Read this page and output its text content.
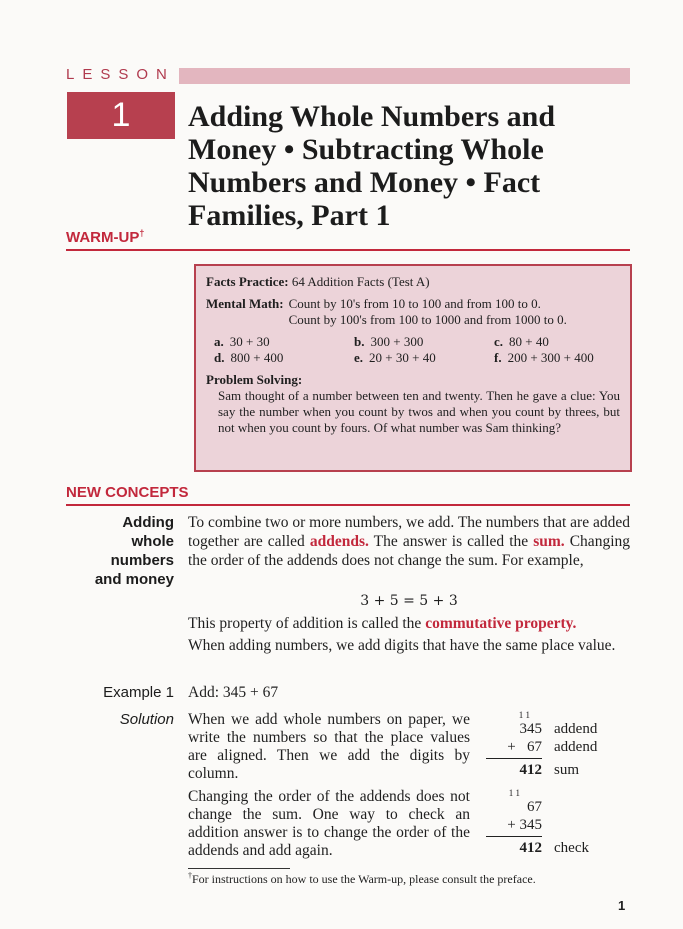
LESSON
1	Adding Whole Numbers and Money • Subtracting Whole Numbers and Money • Fact Families, Part 1
WARM-UP†
Facts Practice: 64 Addition Facts (Test A)
Mental Math: Count by 10's from 10 to 100 and from 100 to 0.
Count by 100's from 100 to 1000 and from 1000 to 0.
a. 30 + 30	b. 300 + 300	c. 80 + 40
d. 800 + 400	e. 20 + 30 + 40	f. 200 + 300 + 400
Problem Solving:
Sam thought of a number between ten and twenty. Then he gave a clue: You say the number when you count by twos and when you count by threes, but not when you count by fours. Of what number was Sam thinking?
NEW CONCEPTS
Adding
whole
numbers
and money
To combine two or more numbers, we add. The numbers that are added together are called addends. The answer is called the sum. Changing the order of the addends does not change the sum. For example,
3 + 5 = 5 + 3
This property of addition is called the commutative property.
When adding numbers, we add digits that have the same place value.
Example 1 Add: 345 + 67
Solution When we add whole numbers on paper, we write the numbers so that the place values are aligned. Then we add the digits by column.
Changing the order of the addends does not change the sum. One way to check an addition answer is to change the order of the addends and add again.
1 1
345 addend
+   67 addend
412 sum
1 1
67
+ 345
412 check
†For instructions on how to use the Warm-up, please consult the preface.
1
